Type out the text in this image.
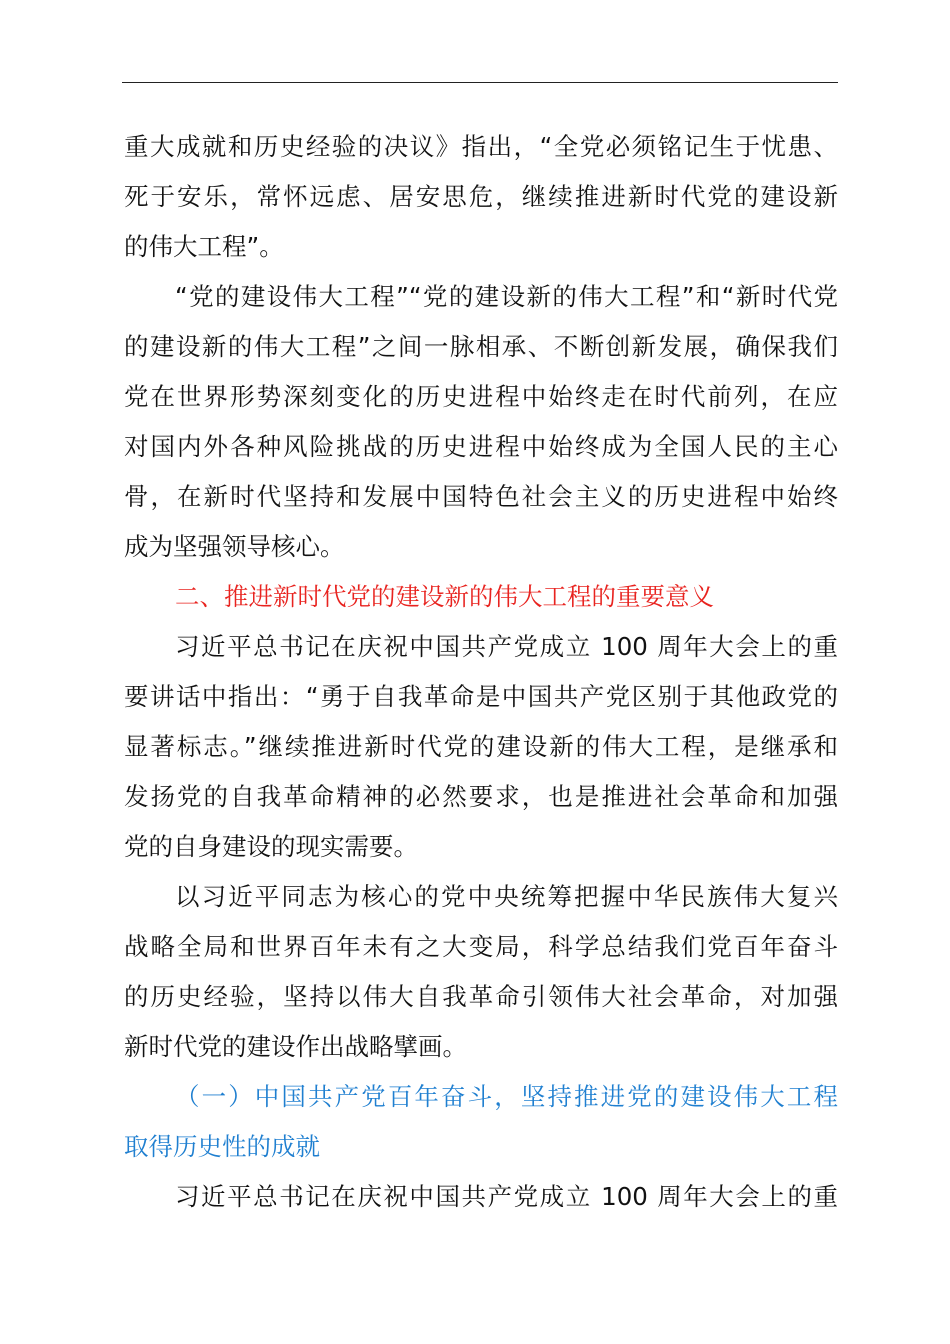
重大成就和历史经验的决议》指出，“全党必须铭记生于忧患、
死于安乐，常怀远虑、居安思危，继续推进新时代党的建设新
的伟大工程”。
“党的建设伟大工程”“党的建设新的伟大工程”和“新时代党
的建设新的伟大工程”之间一脉相承、不断创新发展，确保我们
党在世界形势深刻变化的历史进程中始终走在时代前列，在应
对国内外各种风险挑战的历史进程中始终成为全国人民的主心
骨，在新时代坚持和发展中国特色社会主义的历史进程中始终
成为坚强领导核心。
二、推进新时代党的建设新的伟大工程的重要意义
习近平总书记在庆祝中国共产党成立 100 周年大会上的重
要讲话中指出：“勇于自我革命是中国共产党区别于其他政党的
显著标志。”继续推进新时代党的建设新的伟大工程，是继承和
发扬党的自我革命精神的必然要求，也是推进社会革命和加强
党的自身建设的现实需要。
以习近平同志为核心的党中央统筹把握中华民族伟大复兴
战略全局和世界百年未有之大变局，科学总结我们党百年奋斗
的历史经验，坚持以伟大自我革命引领伟大社会革命，对加强
新时代党的建设作出战略擘画。
（一）中国共产党百年奋斗，坚持推进党的建设伟大工程
取得历史性的成就
习近平总书记在庆祝中国共产党成立 100 周年大会上的重
